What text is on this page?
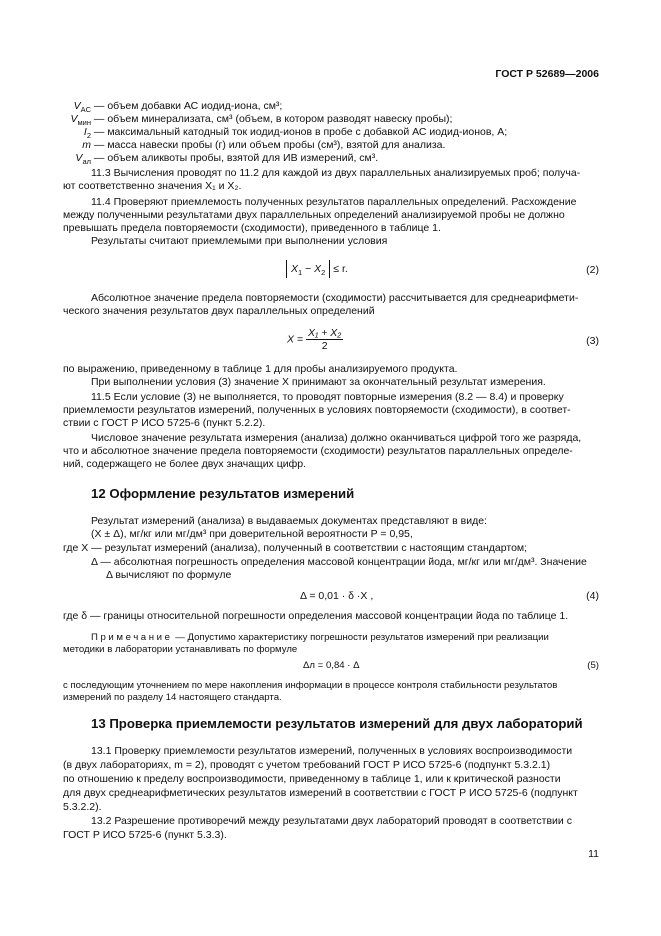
ГОСТ Р 52689—2006
$V_{AC}$ — объем добавки АС иодид-иона, см³;
$V_{мин}$ — объем минерализата, см³ (объем, в котором разводят навеску пробы);
$I_2$ — максимальный катодный ток иодид-ионов в пробе с добавкой АС иодид-ионов, А;
m — масса навески пробы (г) или объем пробы (см³), взятой для анализа.
$V_{ал}$ — объем аликвоты пробы, взятой для ИВ измерений, см³.
11.3 Вычисления проводят по 11.2 для каждой из двух параллельных анализируемых проб; получа-
ют соответственно значения X₁ и X₂.
11.4 Проверяют приемлемость полученных результатов параллельных определений. Расхождение
между полученными результатами двух параллельных определений анализируемой пробы не должно
превышать предела повторяемости (сходимости), приведенного в таблице 1.
Результаты считают приемлемыми при выполнении условия
$X_1 - X_2 \le r$.	(2)
Абсолютное значение предела повторяемости (сходимости) рассчитывается для среднеарифмети-
ческого значения результатов двух параллельных определений
$X = \frac{\text{X₁ + X₂}}{2}$	(3)
по выражению, приведенному в таблице 1 для пробы анализируемого продукта.
При выполнении условия (3) значение X принимают за окончательный результат измерения.
11.5 Если условие (3) не выполняется, то проводят повторные измерения (8.2 — 8.4) и проверку
приемлемости результатов измерений, полученных в условиях повторяемости (сходимости), в соответ-
ствии с ГОСТ Р ИСО 5725-6 (пункт 5.2.2).
Числовое значение результата измерения (анализа) должно оканчиваться цифрой того же разряда,
что и абсолютное значение предела повторяемости (сходимости) результатов параллельных определе-
ний, содержащего не более двух значащих цифр.
12 Оформление результатов измерений
Результат измерений (анализа) в выдаваемых документах представляют в виде:
(X ± Δ), мг/кг или мг/дм³ при доверительной вероятности P = 0,95,
где X — результат измерений (анализа), полученный в соответствии с настоящим стандартом;
Δ — абсолютная погрешность определения массовой концентрации йода, мг/кг или мг/дм³. Значение
Δ вычисляют по формуле
Δ = 0,01 · δ ·X ,	(4)
где δ — границы относительной погрешности определения массовой концентрации йода по таблице 1.
Примечание — Допустимо характеристику погрешности результатов измерений при реализации
методики в лаборатории устанавливать по формуле
Δл = 0,84 · Δ	(5)
с последующим уточнением по мере накопления информации в процессе контроля стабильности результатов
измерений по разделу 14 настоящего стандарта.
13 Проверка приемлемости результатов измерений для двух лабораторий
13.1 Проверку приемлемости результатов измерений, полученных в условиях воспроизводимости
(в двух лабораториях, m = 2), проводят с учетом требований ГОСТ Р ИСО 5725-6 (подпункт 5.3.2.1)
по отношению к пределу воспроизводимости, приведенному в таблице 1, или к критической разности
для двух среднеарифметических результатов измерений в соответствии с ГОСТ Р ИСО 5725-6 (подпункт
5.3.2.2).
13.2 Разрешение противоречий между результатами двух лабораторий проводят в соответствии с
ГОСТ Р ИСО 5725-6 (пункт 5.3.3).
11
